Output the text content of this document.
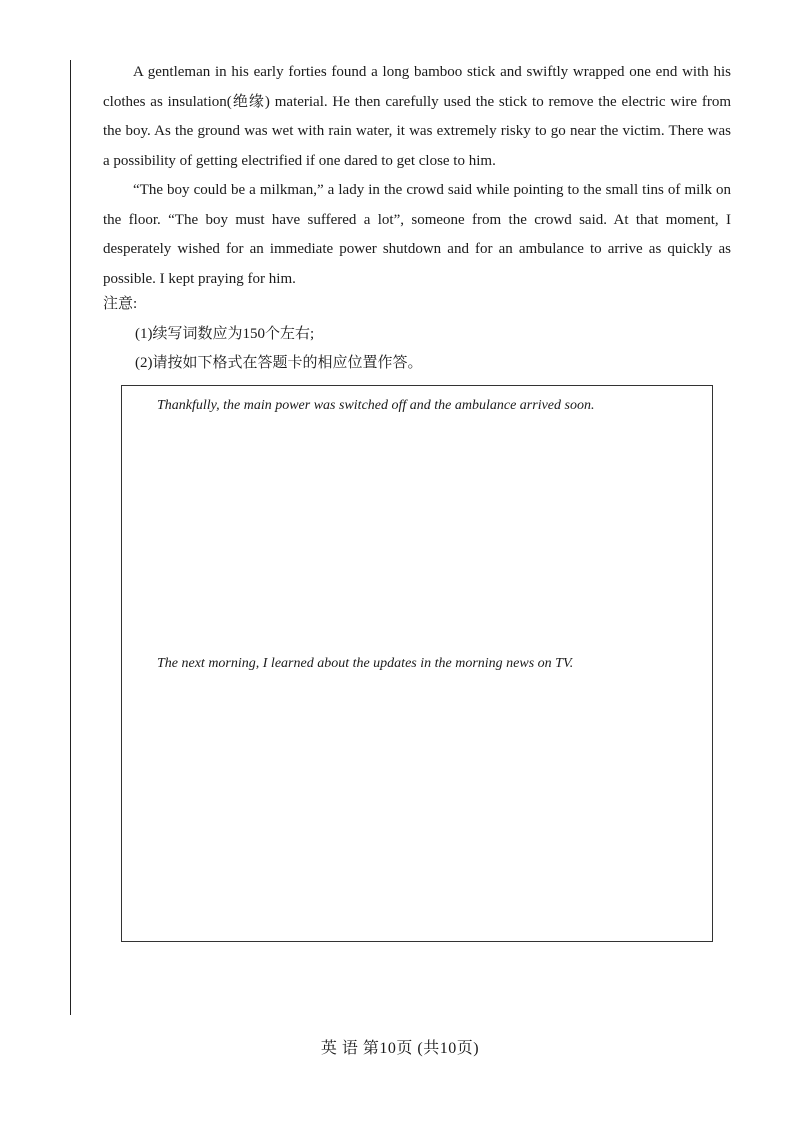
A gentleman in his early forties found a long bamboo stick and swiftly wrapped one end with his clothes as insulation(绝缘) material. He then carefully used the stick to remove the electric wire from the boy. As the ground was wet with rain water, it was extremely risky to go near the victim. There was a possibility of getting electrified if one dared to get close to him.

“The boy could be a milkman,” a lady in the crowd said while pointing to the small tins of milk on the floor. “The boy must have suffered a lot”, someone from the crowd said. At that moment, I desperately wished for an immediate power shutdown and for an ambulance to arrive as quickly as possible. I kept praying for him.

注意:
(1)续写词数应为150个左右;
(2)请按如下格式在答题卡的相应位置作答。
Thankfully, the main power was switched off and the ambulance arrived soon.
The next morning, I learned about the updates in the morning news on TV.
英 语 第10页 (共10页)
